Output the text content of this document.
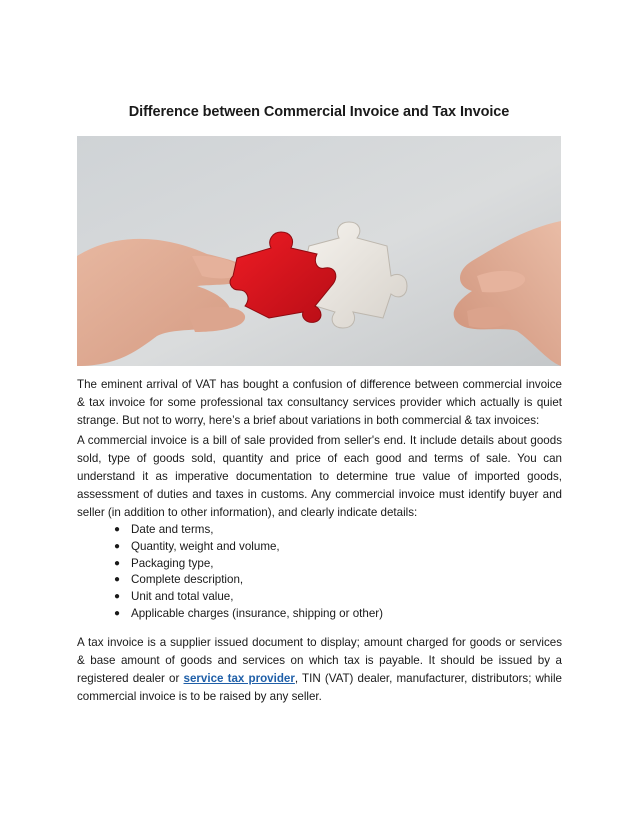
Difference between Commercial Invoice and Tax Invoice
The eminent arrival of VAT has bought a confusion of difference between commercial invoice & tax invoice for some professional tax consultancy services provider which actually is quiet strange. But not to worry, here’s a brief about variations in both commercial & tax invoices:
A commercial invoice is a bill of sale provided from seller's end. It include details about goods sold, type of goods sold, quantity and price of each good and terms of sale. You can understand it as imperative documentation to determine true value of imported goods, assessment of duties and taxes in customs. Any commercial invoice must identify buyer and seller (in addition to other information), and clearly indicate details:
● Date and terms,
● Quantity, weight and volume,
● Packaging type,
● Complete description,
● Unit and total value,
● Applicable charges (insurance, shipping or other)
A tax invoice is a supplier issued document to display; amount charged for goods or services & base amount of goods and services on which tax is payable. It should be issued by a registered dealer or service tax provider, TIN (VAT) dealer, manufacturer, distributors; while commercial invoice is to be raised by any seller.
